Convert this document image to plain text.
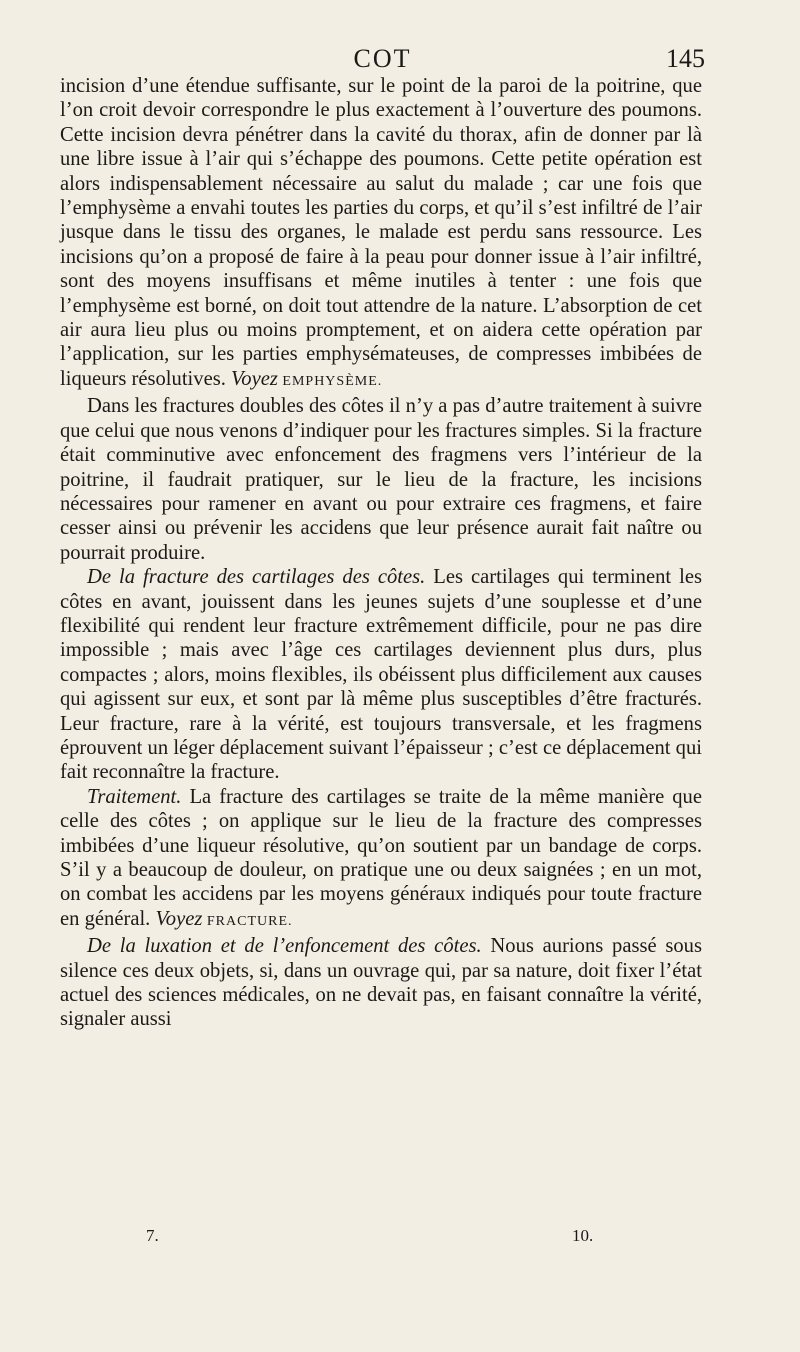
COT	145

incision d’une étendue suffisante, sur le point de la paroi de la poitrine, que l’on croit devoir correspondre le plus exactement à l’ouverture des poumons. Cette incision devra pénétrer dans la cavité du thorax, afin de donner par là une libre issue à l’air qui s’échappe des poumons. Cette petite opération est alors indispensablement nécessaire au salut du malade ; car une fois que l’emphysème a envahi toutes les parties du corps, et qu’il s’est infiltré de l’air jusque dans le tissu des organes, le malade est perdu sans ressource. Les incisions qu’on a proposé de faire à la peau pour donner issue à l’air infiltré, sont des moyens insuffisans et même inutiles à tenter : une fois que l’emphysème est borné, on doit tout attendre de la nature. L’absorption de cet air aura lieu plus ou moins promptement, et on aidera cette opération par l’application, sur les parties emphysémateuses, de compresses imbibées de liqueurs résolutives. Voyez EMPHYSÈME.

Dans les fractures doubles des côtes il n’y a pas d’autre traitement à suivre que celui que nous venons d’indiquer pour les fractures simples. Si la fracture était comminutive avec enfoncement des fragmens vers l’intérieur de la poitrine, il faudrait pratiquer, sur le lieu de la fracture, les incisions nécessaires pour ramener en avant ou pour extraire ces fragmens, et faire cesser ainsi ou prévenir les accidens que leur présence aurait fait naître ou pourrait produire.

De la fracture des cartilages des côtes. Les cartilages qui terminent les côtes en avant, jouissent dans les jeunes sujets d’une souplesse et d’une flexibilité qui rendent leur fracture extrêmement difficile, pour ne pas dire impossible ; mais avec l’âge ces cartilages deviennent plus durs, plus compactes ; alors, moins flexibles, ils obéissent plus difficilement aux causes qui agissent sur eux, et sont par là même plus susceptibles d’être fracturés. Leur fracture, rare à la vérité, est toujours transversale, et les fragmens éprouvent un léger déplacement suivant l’épaisseur ; c’est ce déplacement qui fait reconnaître la fracture.

Traitement. La fracture des cartilages se traite de la même manière que celle des côtes ; on applique sur le lieu de la fracture des compresses imbibées d’une liqueur résolutive, qu’on soutient par un bandage de corps. S’il y a beaucoup de douleur, on pratique une ou deux saignées ; en un mot, on combat les accidens par les moyens généraux indiqués pour toute fracture en général. Voyez FRACTURE.

De la luxation et de l’enfoncement des côtes. Nous aurions passé sous silence ces deux objets, si, dans un ouvrage qui, par sa nature, doit fixer l’état actuel des sciences médicales, on ne devait pas, en faisant connaître la vérité, signaler aussi

7.	10.
